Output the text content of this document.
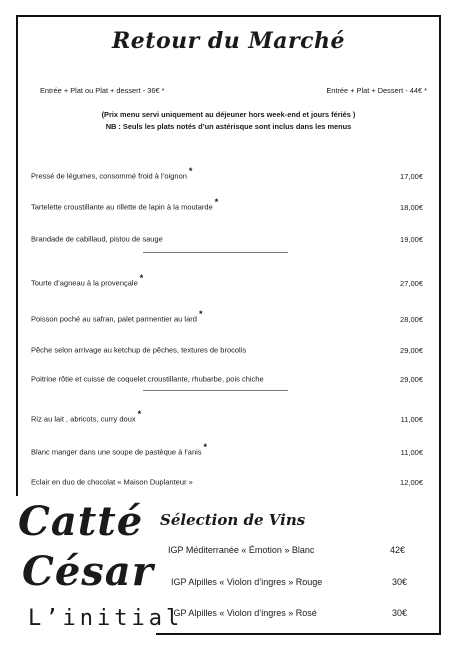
Retour du Marché
Entrée + Plat ou Plat + dessert - 36€ *	Entrée + Plat + Dessert - 44€ *
(Prix menu servi uniquement au déjeuner hors week-end et jours fériés )
NB : Seuls les plats notés d’un astérisque sont inclus dans les menus
Pressé de légumes, consommé froid à l’oignon *	17,00€
Tartelette croustillante au rillette de lapin à la moutarde *	18,00€
Brandade de cabillaud, pistou de sauge	19,00€
Tourte d’agneau à la provençale *	27,00€
Poisson poché au safran, palet parmentier au lard *	28,00€
Pêche selon arrivage au ketchup de pêches, textures de brocolis	29,00€
Poitrine rôtie et cuisse de coquelet croustillante, rhubarbe, pois chiche	29,00€
Riz au lait , abricots, curry doux *	11,00€
Blanc manger dans une soupe de pastèque à l’anis *	11,00€
Eclair en duo de chocolat « Maison Duplanteur »	12,00€
Catté
César
L’initial
Sélection de Vins
IGP Méditerranée « Émotion » Blanc	42€
IGP Alpilles « Violon d’ingres » Rouge	30€
IGP Alpilles « Violon d’ingres » Rosé	30€
